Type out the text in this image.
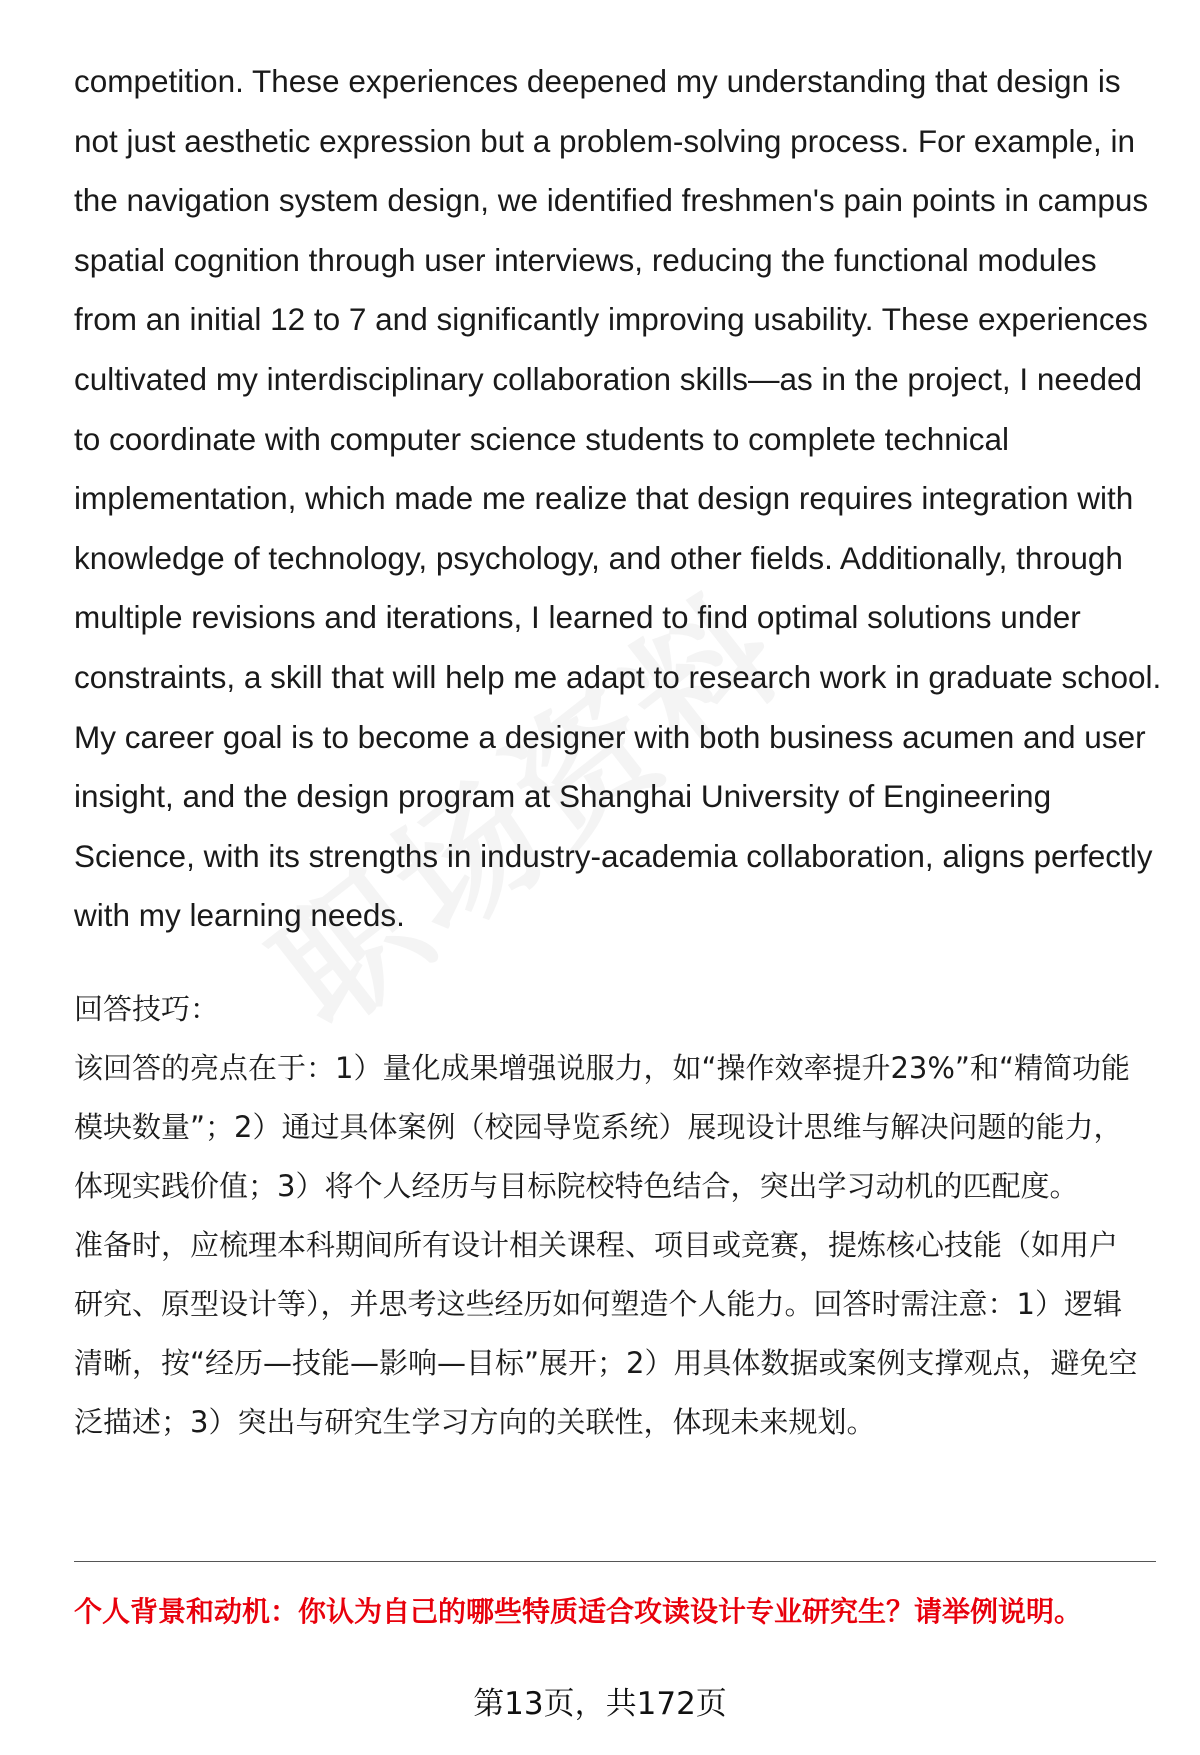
competition. These experiences deepened my understanding that design is not just aesthetic expression but a problem-solving process. For example, in the navigation system design, we identified freshmen's pain points in campus spatial cognition through user interviews, reducing the functional modules from an initial 12 to 7 and significantly improving usability. These experiences cultivated my interdisciplinary collaboration skills—as in the project, I needed to coordinate with computer science students to complete technical implementation, which made me realize that design requires integration with knowledge of technology, psychology, and other fields. Additionally, through multiple revisions and iterations, I learned to find optimal solutions under constraints, a skill that will help me adapt to research work in graduate school. My career goal is to become a designer with both business acumen and user insight, and the design program at Shanghai University of Engineering Science, with its strengths in industry-academia collaboration, aligns perfectly with my learning needs.

回答技巧：

该回答的亮点在于：1）量化成果增强说服力，如“操作效率提升23%”和“精简功能模块数量”；2）通过具体案例（校园导览系统）展现设计思维与解决问题的能力，体现实践价值；3）将个人经历与目标院校特色结合，突出学习动机的匹配度。

准备时，应梳理本科期间所有设计相关课程、项目或竞赛，提炼核心技能（如用户研究、原型设计等），并思考这些经历如何塑造个人能力。回答时需注意：1）逻辑清晰，按“经历—技能—影响—目标”展开；2）用具体数据或案例支撑观点，避免空泛描述；3）突出与研究生学习方向的关联性，体现未来规划。

个人背景和动机：你认为自己的哪些特质适合攻读设计专业研究生？请举例说明。

第13页，共172页
